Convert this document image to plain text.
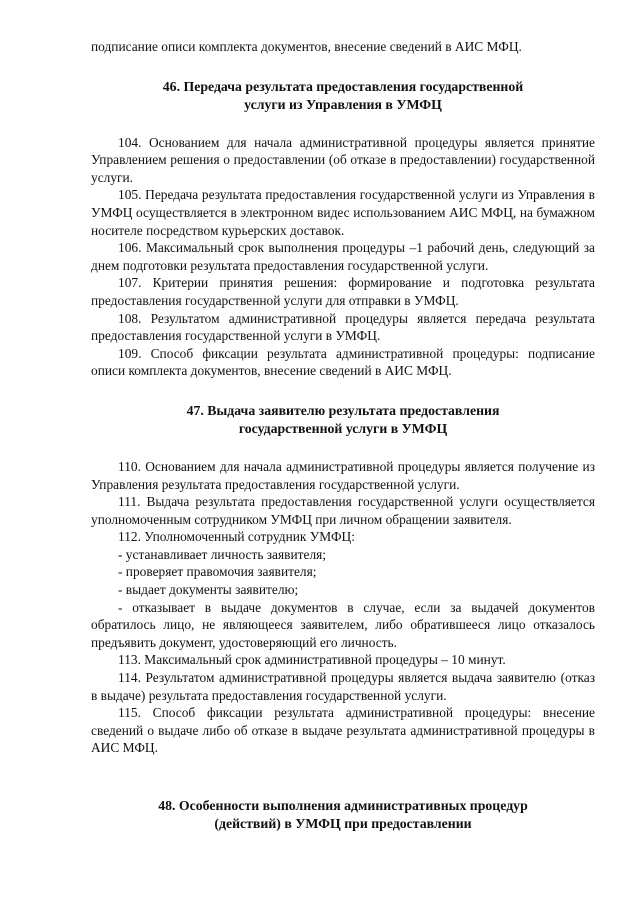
подписание описи комплекта документов, внесение сведений в АИС МФЦ.

46. Передача результата предоставления государственной
услуги из Управления в УМФЦ

104. Основанием для начала административной процедуры является принятие Управлением решения о предоставлении (об отказе в предоставлении) государственной услуги.

105. Передача результата предоставления государственной услуги из Управления в УМФЦ осуществляется в электронном видес использованием АИС МФЦ, на бумажном носителе посредством курьерских доставок.

106. Максимальный срок выполнения процедуры –1 рабочий день, следующий за днем подготовки результата предоставления государственной услуги.

107. Критерии принятия решения: формирование и подготовка результата предоставления государственной услуги для отправки в УМФЦ.

108. Результатом административной процедуры является передача результата предоставления государственной услуги в УМФЦ.

109. Способ фиксации результата административной процедуры: подписание описи комплекта документов, внесение сведений в АИС МФЦ.

47. Выдача заявителю результата предоставления
государственной услуги в УМФЦ

110. Основанием для начала административной процедуры является получение из Управления результата предоставления государственной услуги.

111. Выдача результата предоставления государственной услуги осуществляется уполномоченным сотрудником УМФЦ при личном обращении заявителя.

112. Уполномоченный сотрудник УМФЦ:

- устанавливает личность заявителя;

- проверяет правомочия заявителя;

- выдает документы заявителю;

- отказывает в выдаче документов в случае, если за выдачей документов обратилось лицо, не являющееся заявителем, либо обратившееся лицо отказалось предъявить документ, удостоверяющий его личность.

113. Максимальный срок административной процедуры – 10 минут.

114. Результатом административной процедуры является выдача заявителю (отказ в выдаче) результата предоставления государственной услуги.

115. Способ фиксации результата административной процедуры: внесение сведений о выдаче либо об отказе в выдаче результата административной процедуры в АИС МФЦ.

48. Особенности выполнения административных процедур
(действий) в УМФЦ при предоставлении
